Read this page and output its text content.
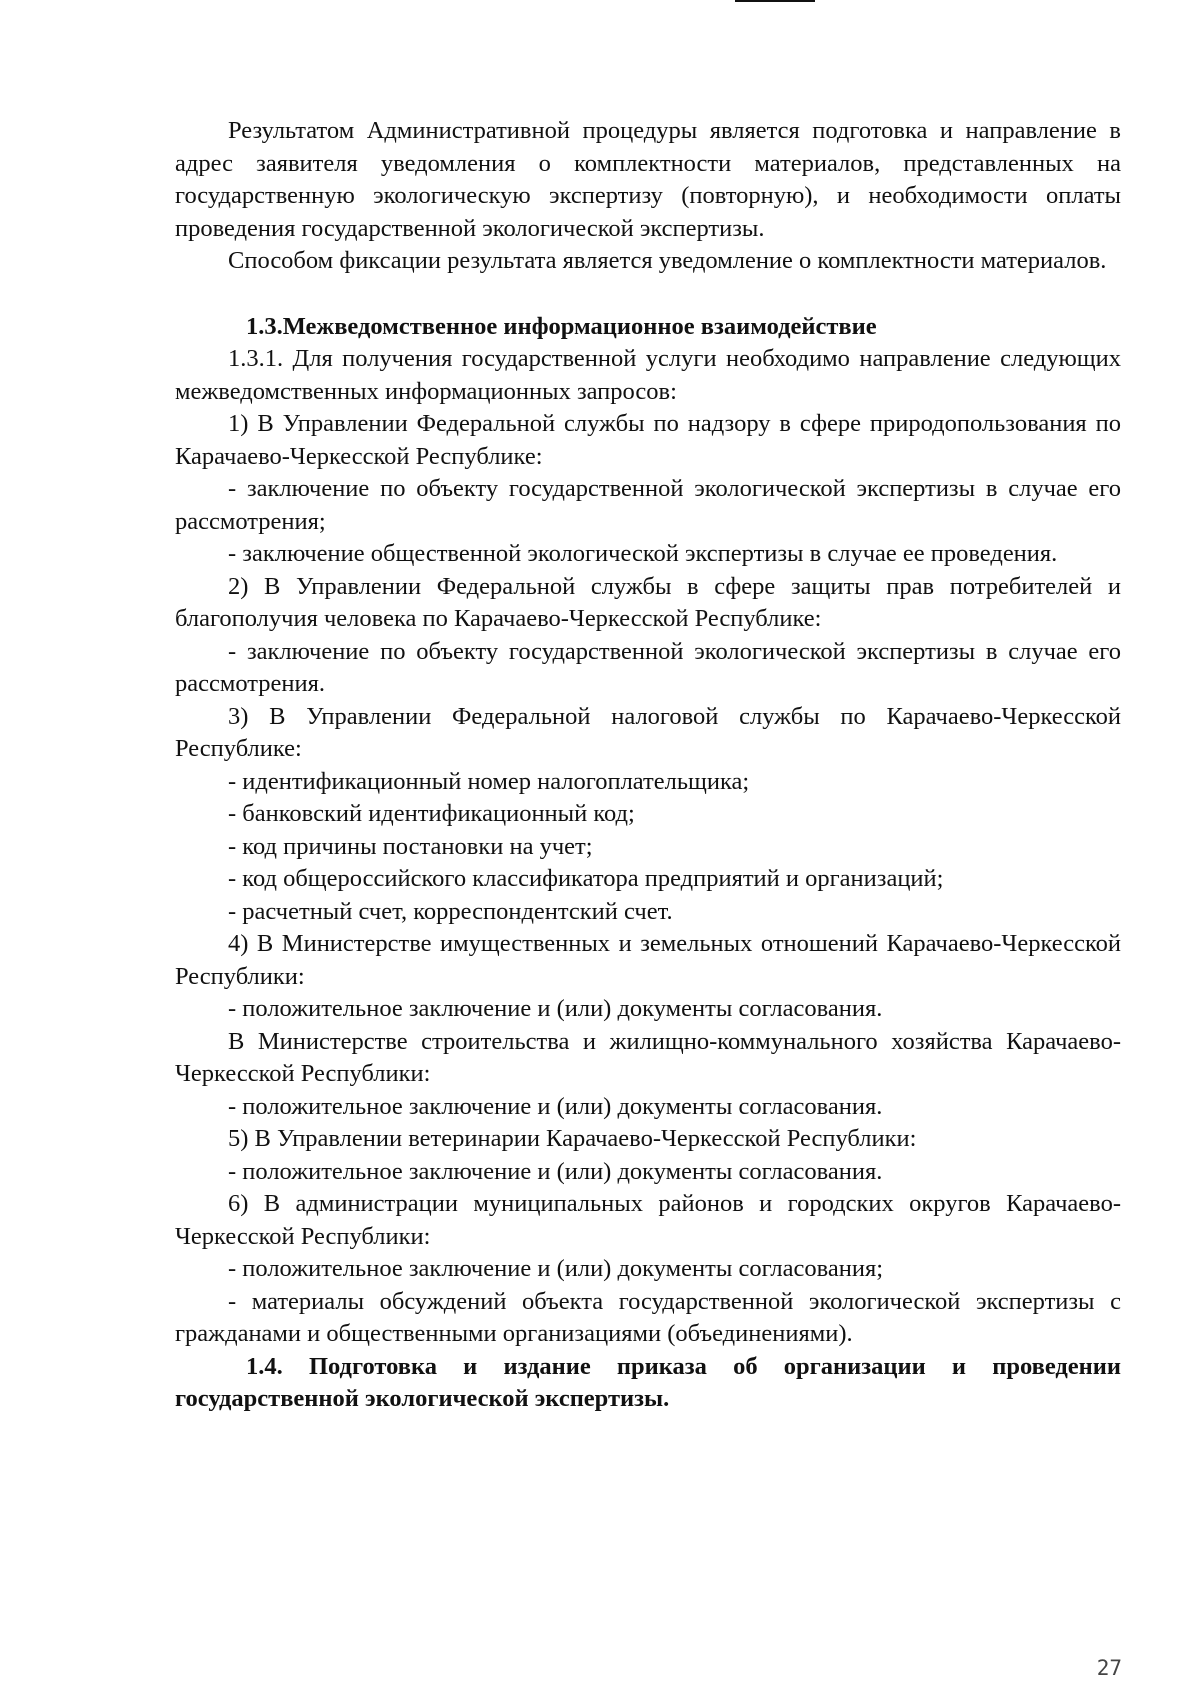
Результатом Административной процедуры является подготовка и направление в адрес заявителя уведомления о комплектности материалов, представленных на государственную экологическую экспертизу (повторную), и необходимости оплаты проведения государственной экологической экспертизы.

Способом фиксации результата является уведомление о комплектности материалов.

1.3.Межведомственное информационное взаимодействие

1.3.1. Для получения государственной услуги необходимо направление следующих межведомственных информационных запросов:

1) В Управлении Федеральной службы по надзору в сфере природопользования по Карачаево-Черкесской Республике:

- заключение по объекту государственной экологической экспертизы в случае его рассмотрения;

- заключение общественной экологической экспертизы в случае ее проведения.

2) В Управлении Федеральной службы в сфере защиты прав потребителей и благополучия человека по Карачаево-Черкесской Республике:

- заключение по объекту государственной экологической экспертизы в случае его рассмотрения.

3) В Управлении Федеральной налоговой службы по Карачаево-Черкесской Республике:

- идентификационный номер налогоплательщика;

- банковский идентификационный код;

- код причины постановки на учет;

- код общероссийского классификатора предприятий и организаций;

- расчетный счет, корреспондентский счет.

4) В Министерстве имущественных и земельных отношений Карачаево-Черкесской Республики:

- положительное заключение и (или) документы согласования.

В Министерстве строительства и жилищно-коммунального хозяйства Карачаево-Черкесской Республики:

- положительное заключение и (или) документы согласования.

5) В Управлении ветеринарии Карачаево-Черкесской Республики:

- положительное заключение и (или) документы согласования.

6) В администрации муниципальных районов и городских округов Карачаево-Черкесской Республики:

- положительное заключение и (или) документы согласования;

- материалы обсуждений объекта государственной экологической экспертизы с гражданами и общественными организациями (объединениями).

1.4. Подготовка и издание приказа об организации и проведении государственной экологической экспертизы.
27
